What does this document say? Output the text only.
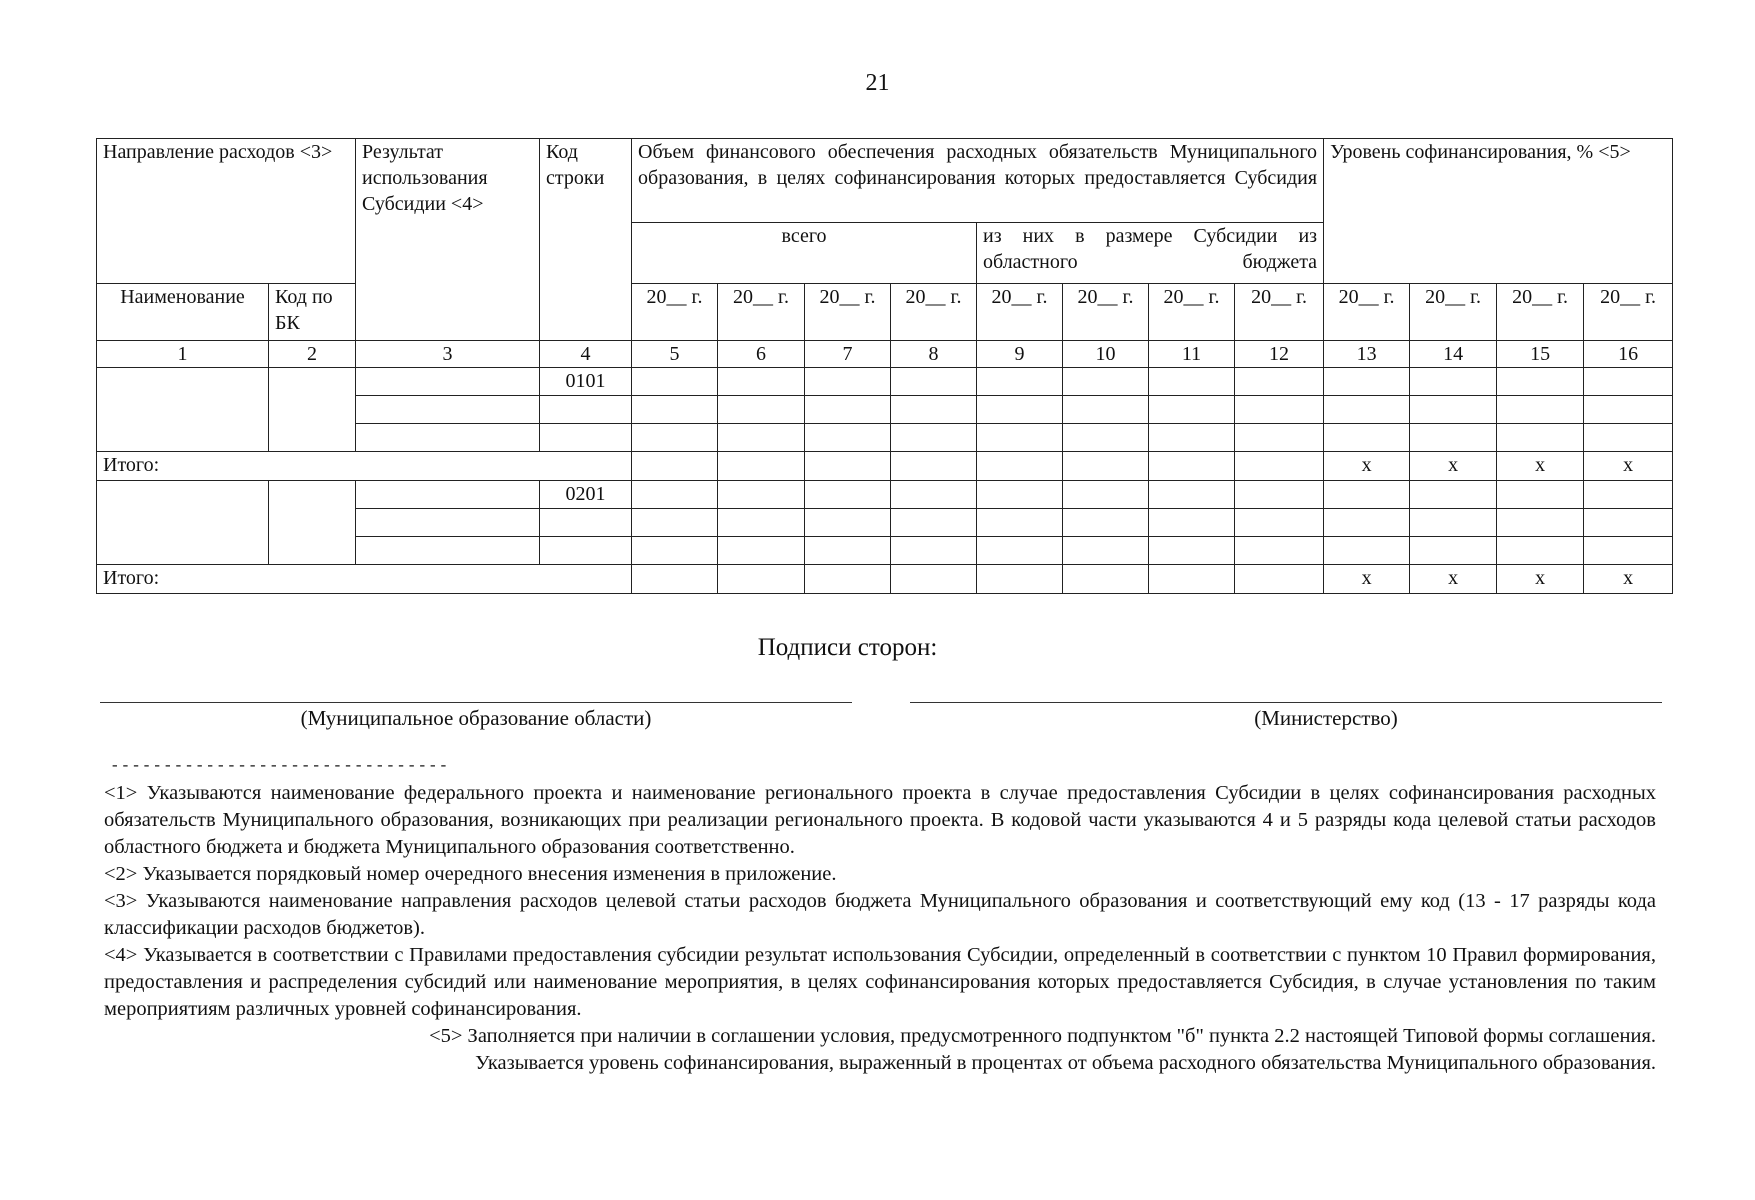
21
Направление расходов <3>		Результат использования Субсидии <4>	Код строки	Объем финансового обеспечения расходных обязательств Муниципального образования, в целях софинансирования которых предоставляется Субсидия								Уровень софинансирования, % <5>			
				всего				из них в размере Субсидии из областного бюджета							
Наименование	Код по БК			20__ г.	20__ г.	20__ г.	20__ г.	20__ г.	20__ г.	20__ г.	20__ г.	20__ г.	20__ г.	20__ г.	20__ г.
1	2	3	4	5	6	7	8	9	10	11	12	13	14	15	16
			0101												

Итого:												x	x	x	x
			0201												

Итого:												x	x	x	x
Подписи сторон:
(Муниципальное образование области)	(Министерство)
--------------------------------

<1> Указываются наименование федерального проекта и наименование регионального проекта в случае предоставления Субсидии в целях софинансирования расходных обязательств Муниципального образования, возникающих при реализации регионального проекта. В кодовой части указываются 4 и 5 разряды кода целевой статьи расходов областного бюджета и бюджета Муниципального образования соответственно.

<2> Указывается порядковый номер очередного внесения изменения в приложение.

<3> Указываются наименование направления расходов целевой статьи расходов бюджета Муниципального образования и соответствующий ему код (13 - 17 разряды кода классификации расходов бюджетов).

<4> Указывается в соответствии с Правилами предоставления субсидии результат использования Субсидии, определенный в соответствии с пунктом 10 Правил формирования, предоставления и распределения субсидий или наименование мероприятия, в целях софинансирования которых предоставляется Субсидия, в случае установления по таким мероприятиям различных уровней софинансирования.

<5> Заполняется при наличии в соглашении условия, предусмотренного подпунктом "б" пункта 2.2 настоящей Типовой формы соглашения.

Указывается уровень софинансирования, выраженный в процентах от объема расходного обязательства Муниципального образования.
